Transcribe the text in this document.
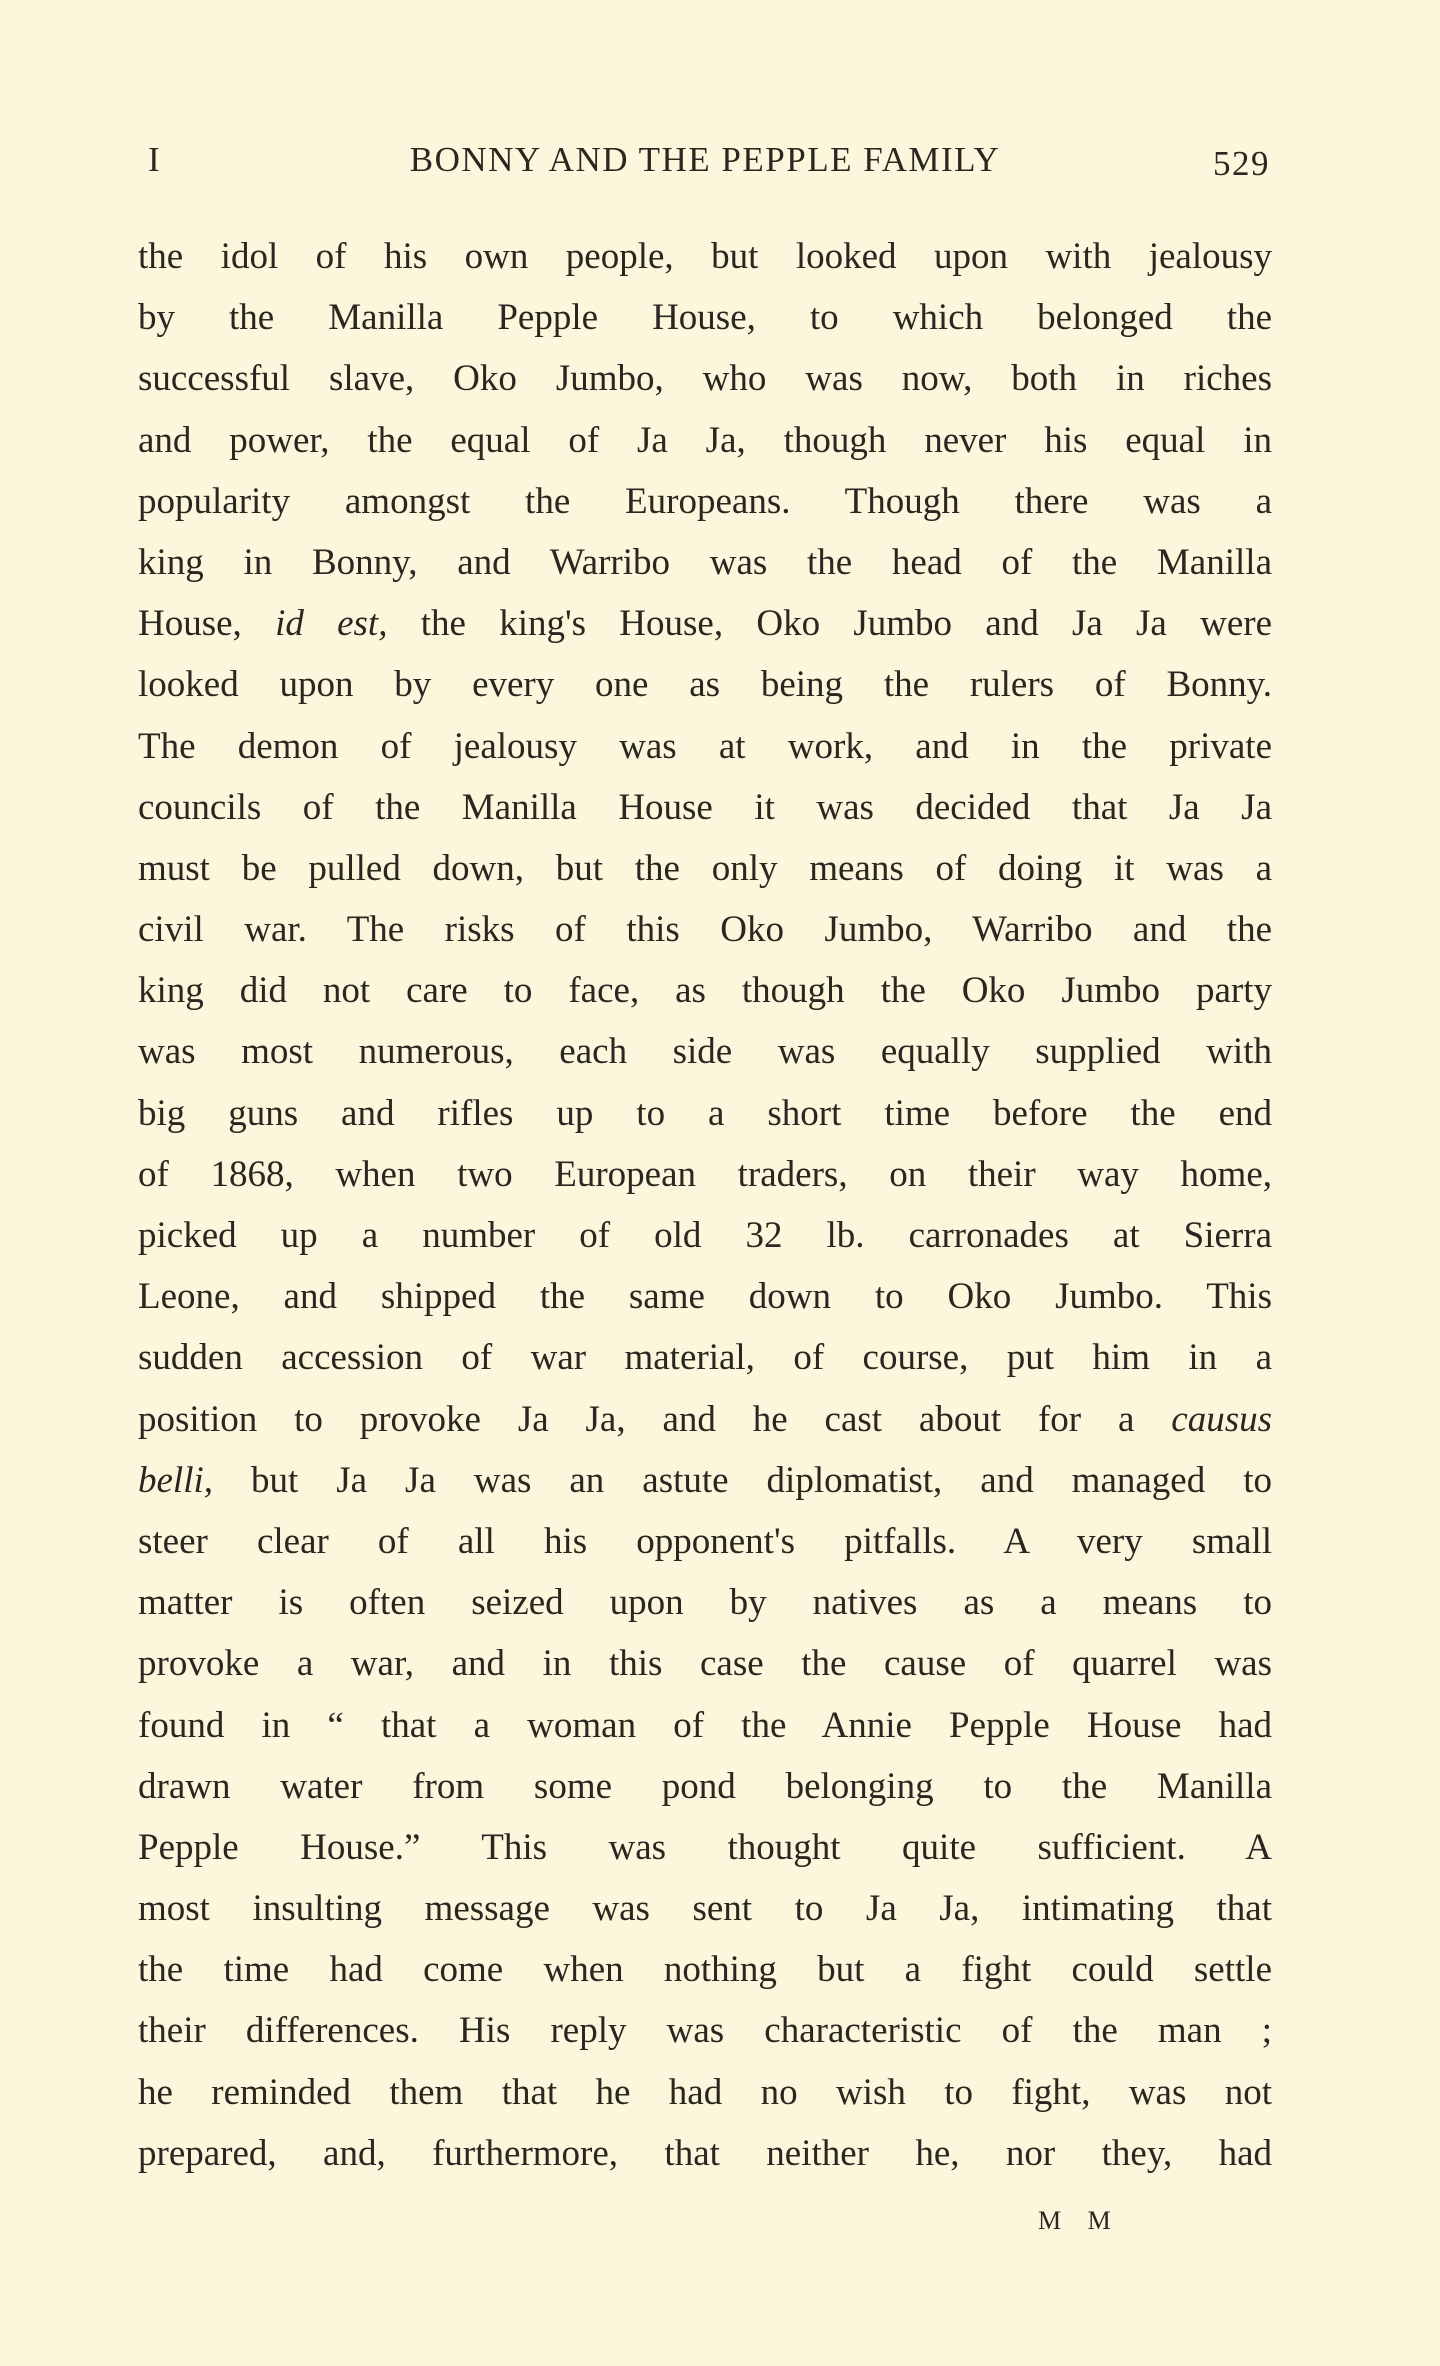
I	BONNY AND THE PEPPLE FAMILY	529
the idol of his own people, but looked upon with jealousy
by the Manilla Pepple House, to which belonged the
successful slave, Oko Jumbo, who was now, both in riches
and power, the equal of Ja Ja, though never his equal in
popularity amongst the Europeans. Though there was a
king in Bonny, and Warribo was the head of the Manilla
House, id est, the king's House, Oko Jumbo and Ja Ja were
looked upon by every one as being the rulers of Bonny.
The demon of jealousy was at work, and in the private
councils of the Manilla House it was decided that Ja Ja
must be pulled down, but the only means of doing it was a
civil war. The risks of this Oko Jumbo, Warribo and the
king did not care to face, as though the Oko Jumbo party
was most numerous, each side was equally supplied with
big guns and rifles up to a short time before the end
of 1868, when two European traders, on their way home,
picked up a number of old 32 lb. carronades at Sierra
Leone, and shipped the same down to Oko Jumbo. This
sudden accession of war material, of course, put him in a
position to provoke Ja Ja, and he cast about for a causus
belli, but Ja Ja was an astute diplomatist, and managed to
steer clear of all his opponent's pitfalls. A very small
matter is often seized upon by natives as a means to
provoke a war, and in this case the cause of quarrel was
found in “ that a woman of the Annie Pepple House had
drawn water from some pond belonging to the Manilla
Pepple House.” This was thought quite sufficient. A
most insulting message was sent to Ja Ja, intimating that
the time had come when nothing but a fight could settle
their differences. His reply was characteristic of the man ;
he reminded them that he had no wish to fight, was not
prepared, and, furthermore, that neither he, nor they, had
M M
